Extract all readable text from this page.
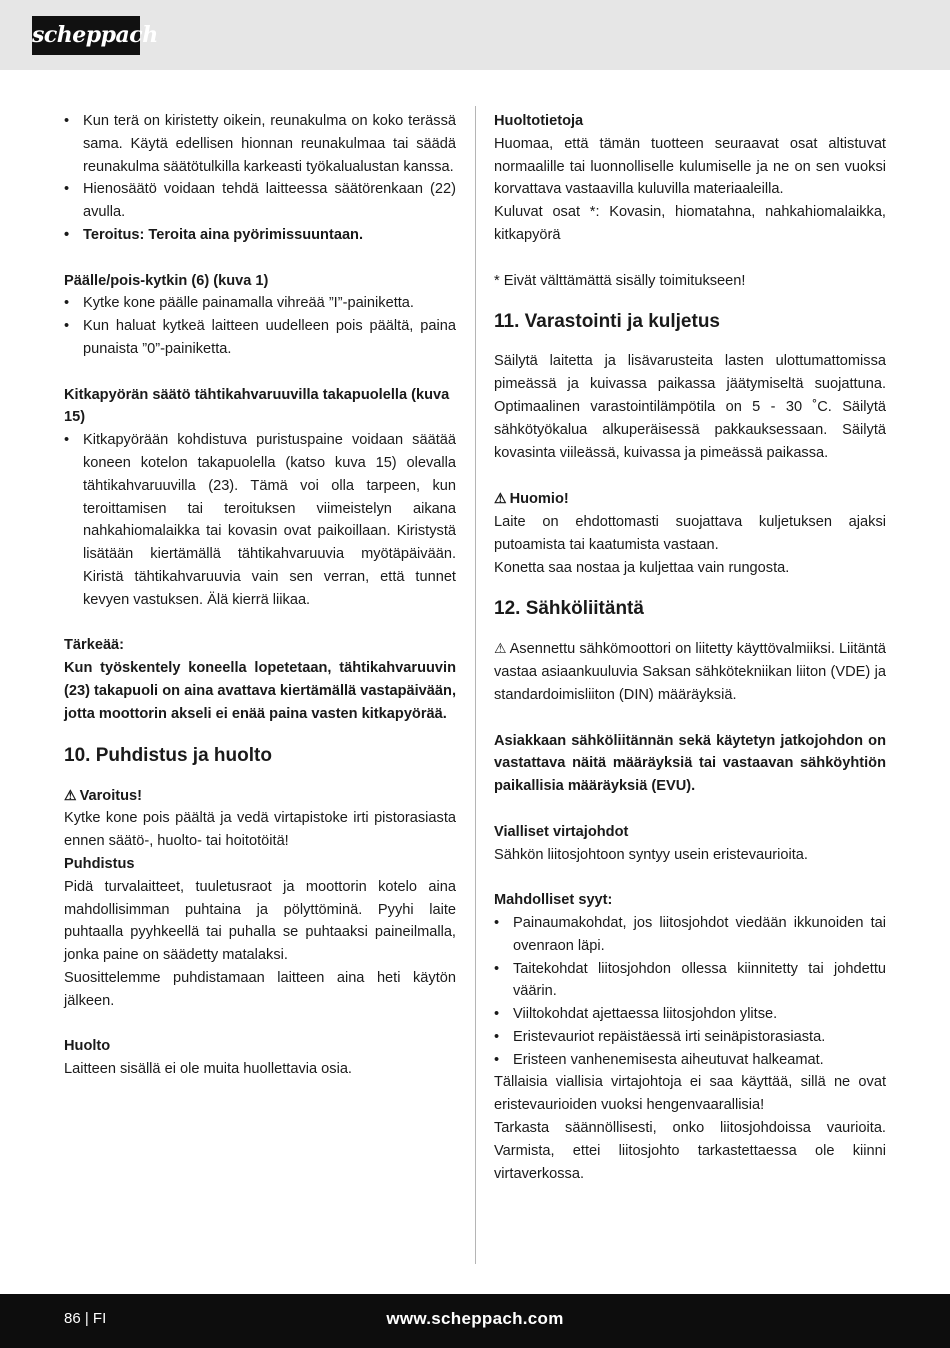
scheppach
• Kun terä on kiristetty oikein, reunakulma on koko terässä sama. Käytä edellisen hionnan reunakulmaa tai säädä reunakulma säätötulkilla karkeasti työkalualustan kanssa.
• Hienosäätö voidaan tehdä laitteessa säätörenkaan (22) avulla.
• Teroitus: Teroita aina pyörimissuuntaan.
Päälle/pois-kytkin (6) (kuva 1)
• Kytke kone päälle painamalla vihreää ”I”-painiketta.
• Kun haluat kytkeä laitteen uudelleen pois päältä, paina punaista ”0”-painiketta.
Kitkapyörän säätö tähtikahvaruuvilla takapuolella (kuva 15)
• Kitkapyörään kohdistuva puristuspaine voidaan säätää koneen kotelon takapuolella (katso kuva 15) olevalla tähtikahvaruuvilla (23). Tämä voi olla tarpeen, kun teroittamisen tai teroituksen viimeistelyn aikana nahkahiomalaikka tai kovasin ovat paikoillaan. Kiristystä lisätään kiertämällä tähtikahvaruuvia myötäpäivään. Kiristä tähtikahvaruuvia vain sen verran, että tunnet kevyen vastuksen. Älä kierrä liikaa.
Tärkeää:
Kun työskentely koneella lopetetaan, tähtikahvaruuvin (23) takapuoli on aina avattava kiertämällä vastapäivään, jotta moottorin akseli ei enää paina vasten kitkapyörää.
10. Puhdistus ja huolto
⚠ Varoitus!
Kytke kone pois päältä ja vedä virtapistoke irti pistorasiasta ennen säätö-, huolto- tai hoitotöitä!
Puhdistus
Pidä turvalaitteet, tuuletusraot ja moottorin kotelo aina mahdollisimman puhtaina ja pölyttöminä. Pyyhi laite puhtaalla pyyhkeellä tai puhalla se puhtaaksi paineilmalla, jonka paine on säädetty matalaksi.
Suosittelemme puhdistamaan laitteen aina heti käytön jälkeen.
Huolto
Laitteen sisällä ei ole muita huollettavia osia.
Huoltotietoja
Huomaa, että tämän tuotteen seuraavat osat altistuvat normaalille tai luonnolliselle kulumiselle ja ne on sen vuoksi korvattava vastaavilla kuluvilla materiaaleilla.
Kuluvat osat *: Kovasin, hiomatahna, nahkahiomalaikka, kitkapyörä
* Eivät välttämättä sisälly toimitukseen!
11. Varastointi ja kuljetus
Säilytä laitetta ja lisävarusteita lasten ulottumattomissa pimeässä ja kuivassa paikassa jäätymiseltä suojattuna. Optimaalinen varastointilämpötila on 5 - 30 ˚C. Säilytä sähkötyökalua alkuperäisessä pakkauksessaan. Säilytä kovasinta viileässä, kuivassa ja pimeässä paikassa.
⚠ Huomio!
Laite on ehdottomasti suojattava kuljetuksen ajaksi putoamista tai kaatumista vastaan.
Konetta saa nostaa ja kuljettaa vain rungosta.
12. Sähköliitäntä
⚠ Asennettu sähkömoottori on liitetty käyttövalmiiksi. Liitäntä vastaa asiaankuuluvia Saksan sähkötekniikan liiton (VDE) ja standardoimisliiton (DIN) määräyksiä.
Asiakkaan sähköliitännän sekä käytetyn jatkojohdon on vastattava näitä määräyksiä tai vastaavan sähköyhtiön paikallisia määräyksiä (EVU).
Vialliset virtajohdot
Sähkön liitosjohtoon syntyy usein eristevaurioita.
Mahdolliset syyt:
• Painaumakohdat, jos liitosjohdot viedään ikkunoiden tai ovenraon läpi.
• Taitekohdat liitosjohdon ollessa kiinnitetty tai johdettu väärin.
• Viiltokohdat ajettaessa liitosjohdon ylitse.
• Eristevauriot repäistäessä irti seinäpistorasiasta.
• Eristeen vanhenemisesta aiheutuvat halkeamat.
Tällaisia viallisia virtajohtoja ei saa käyttää, sillä ne ovat eristevaurioiden vuoksi hengenvaarallisia!
Tarkasta säännöllisesti, onko liitosjohdoissa vaurioita. Varmista, ettei liitosjohto tarkastettaessa ole kiinni virtaverkossa.
www.scheppach.com
86 | FI
